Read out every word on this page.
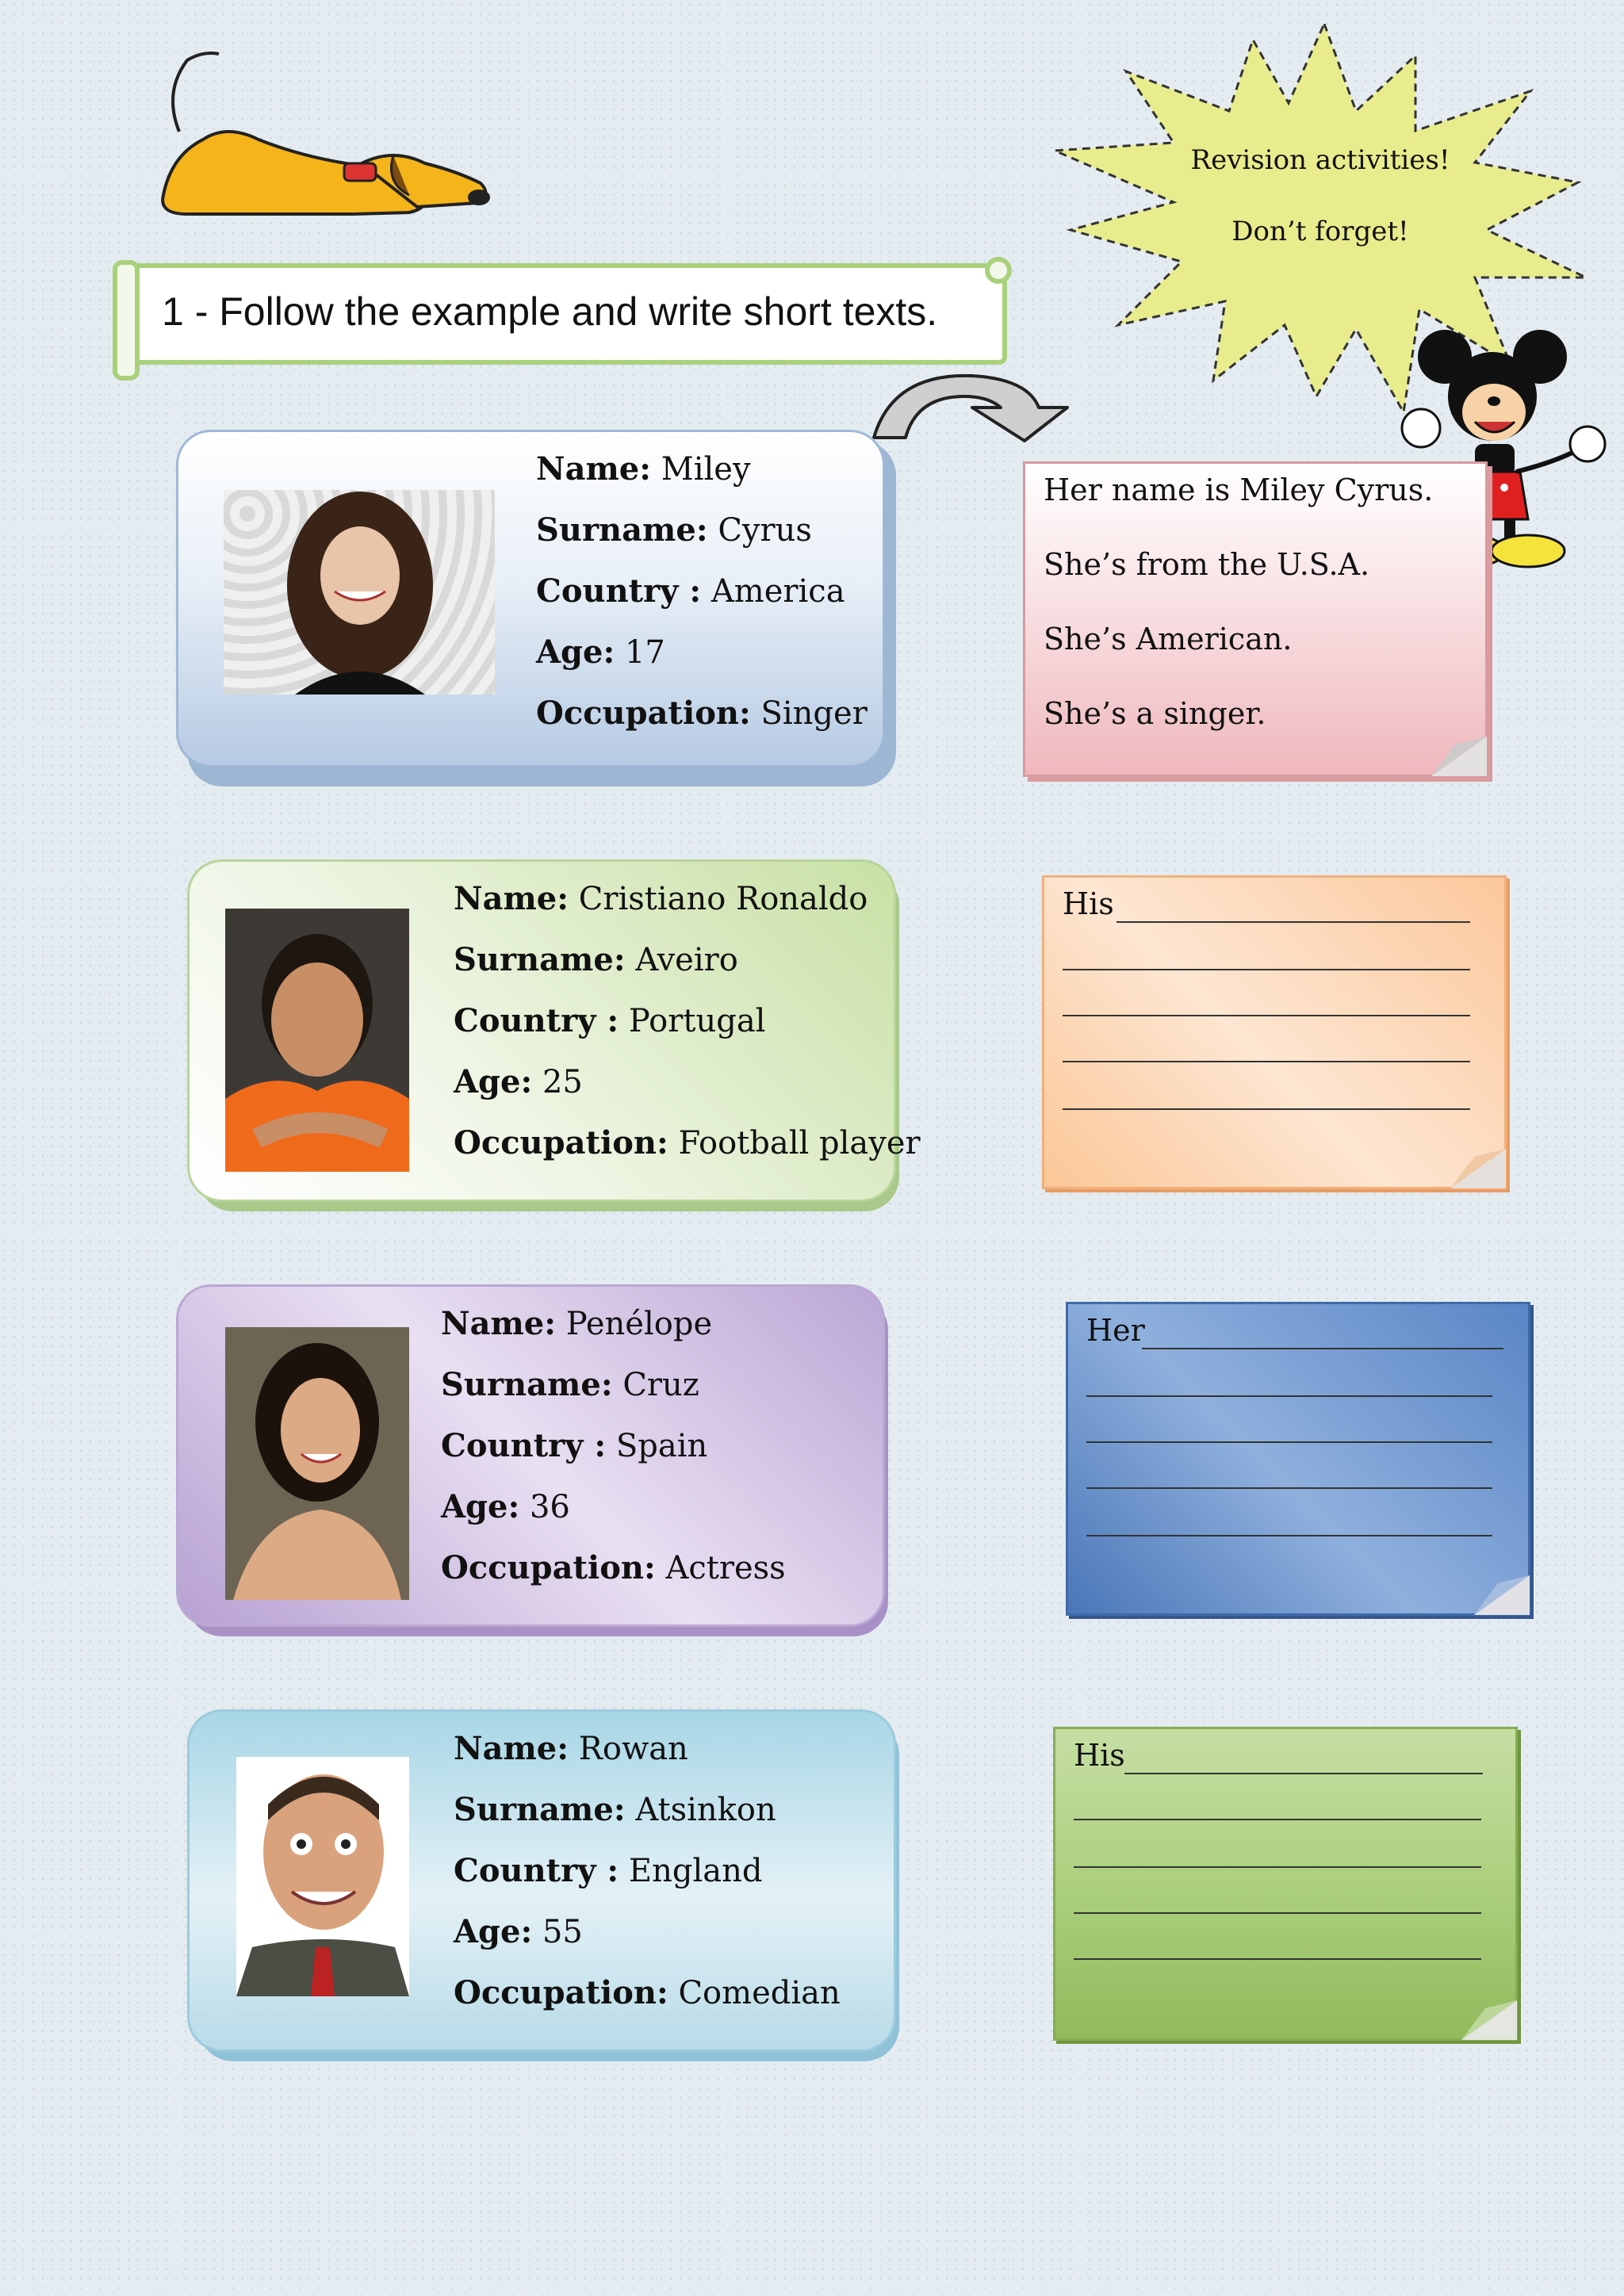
Revision activities!
Don’t forget!
1 - Follow the example and write short texts.
Name: Miley
Surname: Cyrus
Country : America
Age: 17
Occupation: Singer
Her name is Miley Cyrus.
She’s from the U.S.A.
She’s American.
She’s a singer.
Name: Cristiano Ronaldo
Surname: Aveiro
Country : Portugal
Age: 25
Occupation: Football player
His
Name: Penélope
Surname: Cruz
Country : Spain
Age: 36
Occupation: Actress
Her
Name: Rowan
Surname: Atsinkon
Country : England
Age: 55
Occupation: Comedian
His
